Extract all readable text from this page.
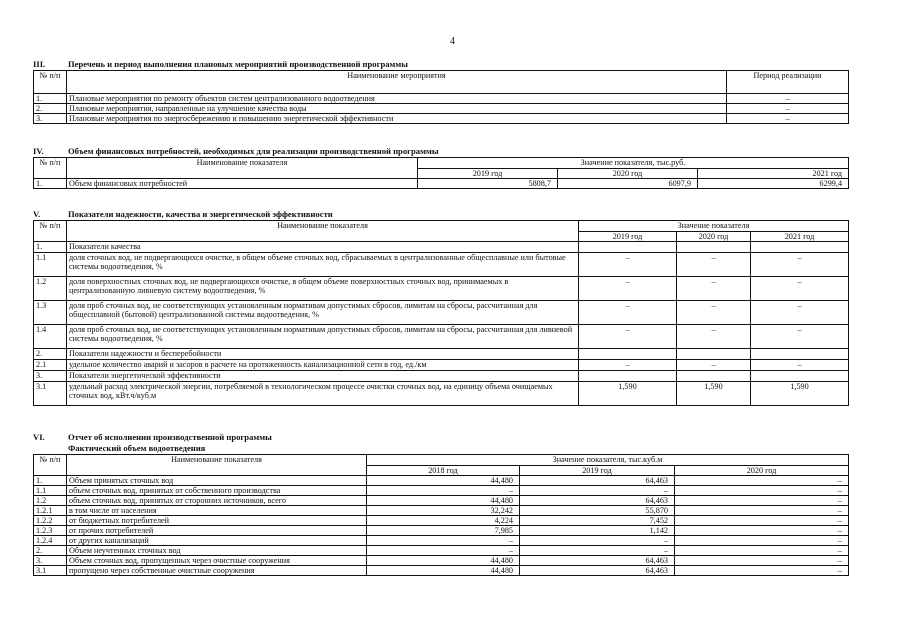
4
III.	Перечень и период выполнения плановых мероприятий производственной программы
№ п/п	Наименование мероприятия	Период реализации
1.	Плановые мероприятия по ремонту объектов систем централизованного водоотведения	–
2.	Плановые мероприятия, направленные на улучшение качества воды	–
3.	Плановые мероприятия по энергосбережению и повышению энергетической эффективности	–
IV.	Объем финансовых потребностей, необходимых для реализации производственной программы
№ п/п	Наименование показателя	Значение показателя, тыс.руб.		
		2019 год	2020 год	2021 год
1.	Объем финансовых потребностей	5808,7	6097,9	6299,4
V.	Показатели надежности, качества и энергетической эффективности
№ п/п	Наименование показателя	Значение показателя		
		2019 год	2020 год	2021 год
1.	Показатели качества			
1.1	доля сточных вод, не подвергающихся очистке, в общем объеме сточных вод, сбрасываемых в централизованные общесплавные или бытовые системы водоотведения, %	–	–	–
1.2	доля поверхностных сточных вод, не подвергающихся очистке, в общем объеме поверхностных сточных вод, принимаемых в централизованную ливневую систему водоотведения, %	–	–	–
1.3	доля проб сточных вод, не соответствующих установленным нормативам допустимых сбросов, лимитам на сбросы, рассчитанная для общесплавной (бытовой) централизованной системы водоотведения, %	–	–	–
1.4	доля проб сточных вод, не соответствующих установленным нормативам допустимых сбросов, лимитам на сбросы, рассчитанная для ливневой системы водоотведения, %	–	–	–
2.	Показатели надежности и бесперебойности			
2.1	удельное количество аварий и засоров в расчете на протяженность канализационной сети в год, ед./км	–	–	–
3.	Показатели энергетической эффективности			
3.1	удельный расход электрической энергии, потребляемой в технологическом процессе очистки сточных вод, на единицу объема очищаемых сточных вод, кВт.ч/куб.м	1,590	1,590	1,590
VI.	Отчет об исполнении производственной программы
Фактический объем водоотведения
№ п/п	Наименование показателя	Значение показателя, тыс.куб.м		
		2018 год	2019 год	2020 год
1.	Объем принятых сточных вод	44,480	64,463	–
1.1	объем сточных вод, принятых от собственного производства	–	–	–
1.2	объем сточных вод, принятых от сторонних источников, всего	44,480	64,463	–
1.2.1	в том числе от населения	32,242	55,870	–
1.2.2	от бюджетных потребителей	4,224	7,452	–
1.2.3	от прочих потребителей	7,985	1,142	–
1.2.4	от других канализаций	–	–	–
2.	Объем неучтенных сточных вод	–	–	–
3.	Объем сточных вод, пропущенных через очистные сооружения	44,480	64,463	–
3.1	пропущено через собственные очистные сооружения	44,480	64,463	–
